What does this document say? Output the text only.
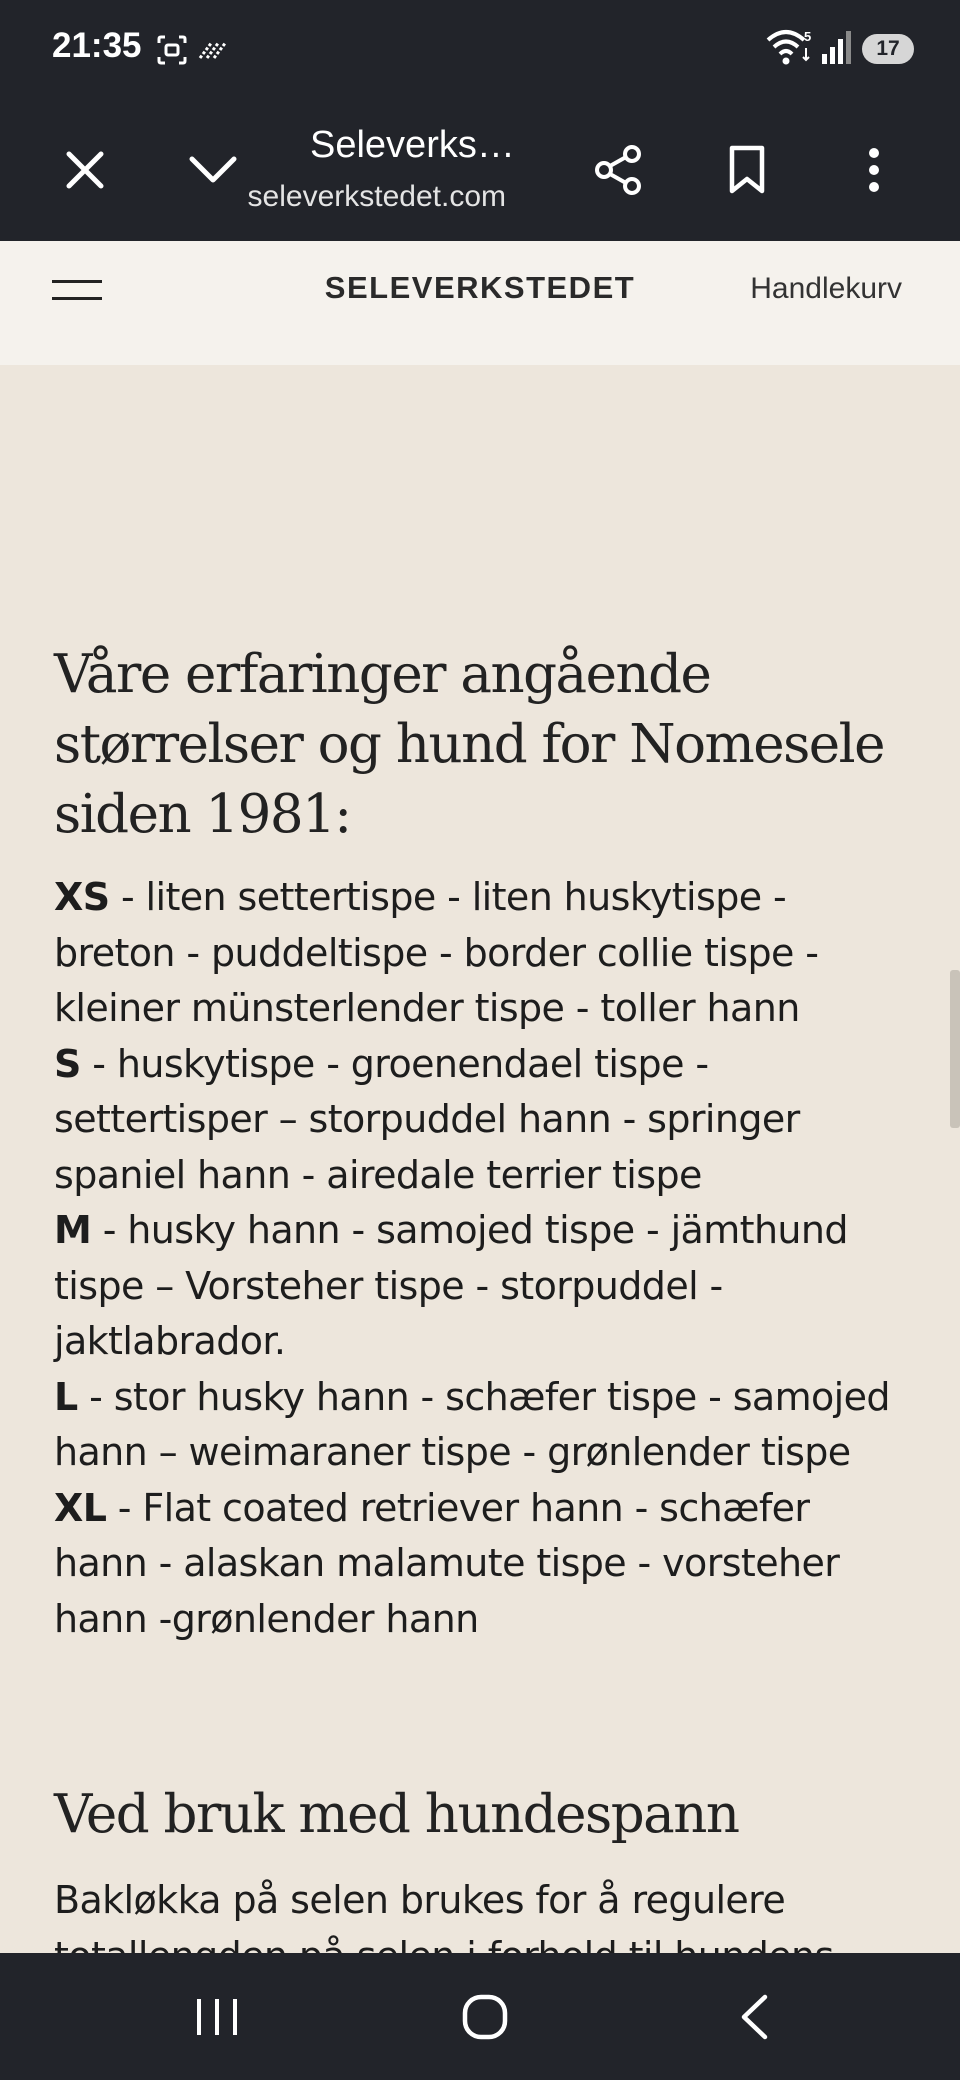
21:35	5
17
Seleverks…
seleverkstedet.com
SELEVERKSTEDET	Handlekurv
Våre erfaringer angående størrelser og hund for Nomesele siden 1981:

XS - liten settertispe - liten huskytispe - breton - puddeltispe - border collie tispe - kleiner münsterlender tispe - toller hann

S - huskytispe - groenendael tispe - settertisper – storpuddel hann - springer spaniel hann - airedale terrier tispe

M - husky hann - samojed tispe - jämthund tispe – Vorsteher tispe - storpuddel - jaktlabrador.

L - stor husky hann - schæfer tispe - samojed hann – weimaraner tispe - grønlender tispe

XL - Flat coated retriever hann - schæfer hann - alaskan malamute tispe - vorsteher hann -grønlender hann

Ved bruk med hundespann

Bakløkka på selen brukes for å regulere
